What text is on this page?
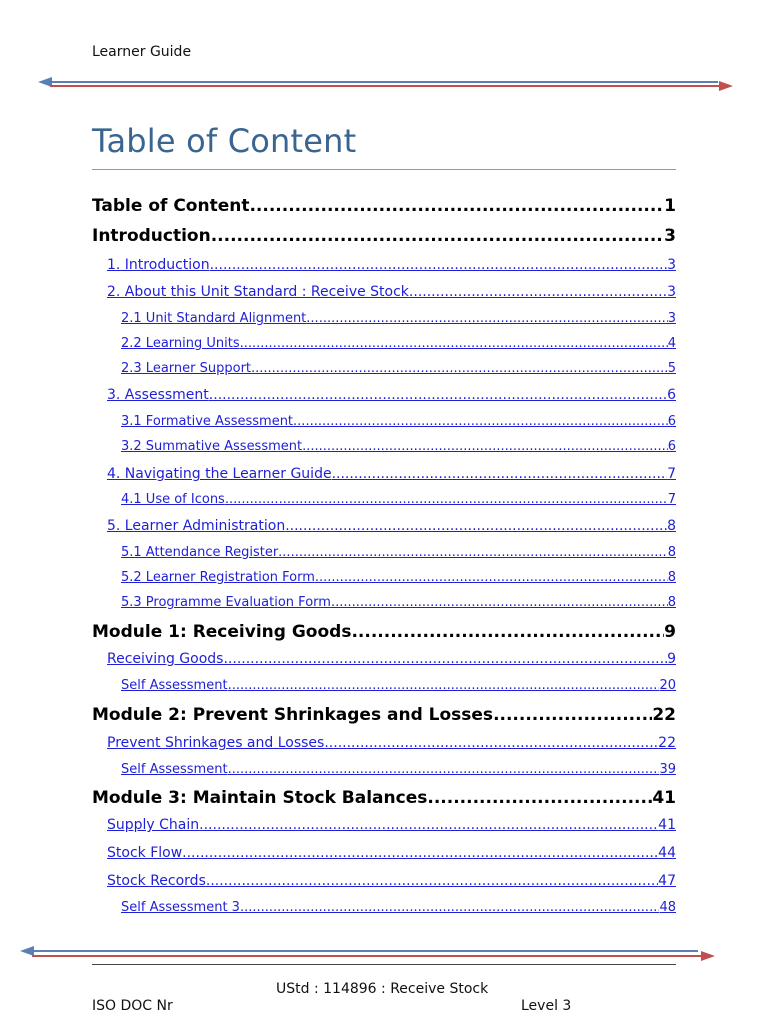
Learner Guide
Table of Content
Table of Content .....	1
Introduction .....	3
1. Introduction .....	3
2. About this Unit Standard : Receive Stock .....	3
2.1 Unit Standard Alignment .....	3
2.2 Learning Units .....	4
2.3 Learner Support .....	5
3. Assessment .....	6
3.1 Formative Assessment .....	6
3.2 Summative Assessment .....	6
4. Navigating the Learner Guide .....	7
4.1 Use of Icons .....	7
5. Learner Administration .....	8
5.1 Attendance Register .....	8
5.2 Learner Registration Form .....	8
5.3 Programme Evaluation Form .....	8
Module 1: Receiving Goods .....	9
Receiving Goods .....	9
Self Assessment .....	20
Module 2: Prevent Shrinkages and Losses .....	22
Prevent Shrinkages and Losses .....	22
Self Assessment .....	39
Module 3: Maintain Stock Balances .....	41
Supply Chain .....	41
Stock Flow .....	44
Stock Records .....	47
Self Assessment 3 .....	48
UStd : 114896 : Receive Stock
ISO DOC Nr	Level 3
